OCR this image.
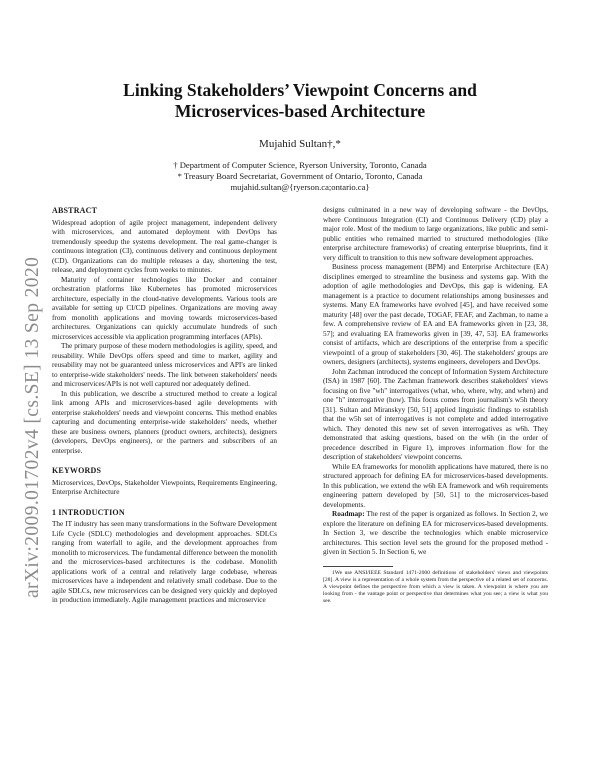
arXiv:2009.01702v4 [cs.SE] 13 Sep 2020
Linking Stakeholders’ Viewpoint Concerns and
Microservices-based Architecture
Mujahid Sultan†,*
† Department of Computer Science, Ryerson University, Toronto, Canada
* Treasury Board Secretariat, Government of Ontario, Toronto, Canada
mujahid.sultan@{ryerson.ca;ontario.ca}
ABSTRACT

Widespread adoption of agile project management, independent delivery with microservices, and automated deployment with DevOps has tremendously speedup the systems development. The real game-changer is continuous integration (CI), continuous delivery and continuous deployment (CD). Organizations can do multiple releases a day, shortening the test, release, and deployment cycles from weeks to minutes.

Maturity of container technologies like Docker and container orchestration platforms like Kubernetes has promoted microservices architecture, especially in the cloud-native developments. Various tools are available for setting up CI/CD pipelines. Organizations are moving away from monolith applications and moving towards microservices-based architectures. Organizations can quickly accumulate hundreds of such microservices accessible via application programming interfaces (APIs).

The primary purpose of these modern methodologies is agility, speed, and reusability. While DevOps offers speed and time to market, agility and reusability may not be guaranteed unless microservices and API's are linked to enterprise-wide stakeholders' needs. The link between stakeholders' needs and microservices/APIs is not well captured nor adequately defined.

In this publication, we describe a structured method to create a logical link among APIs and microservices-based agile developments with enterprise stakeholders' needs and viewpoint concerns. This method enables capturing and documenting enterprise-wide stakeholders' needs, whether these are business owners, planners (product owners, architects), designers (developers, DevOps engineers), or the partners and subscribers of an enterprise.

KEYWORDS

Microservices, DevOps, Stakeholder Viewpoints, Requirements Engineering, Enterprise Architecture

1 INTRODUCTION

The IT industry has seen many transformations in the Software Development Life Cycle (SDLC) methodologies and development approaches. SDLCs ranging from waterfall to agile, and the development approaches from monolith to microservices. The fundamental difference between the monolith and the microservices-based architectures is the codebase. Monolith applications work of a central and relatively large codebase, whereas microservices have a independent and relatively small codebase. Due to the agile SDLCs, new microservices can be designed very quickly and deployed in production immediately. Agile management practices and microservice

designs culminated in a new way of developing software - the DevOps, where Continuous Integration (CI) and Continuous Delivery (CD) play a major role. Most of the medium to large organizations, like public and semi-public entities who remained married to structured methodologies (like enterprise architecture frameworks) of creating enterprise blueprints, find it very difficult to transition to this new software development approaches.

Business process management (BPM) and Enterprise Architecture (EA) disciplines emerged to streamline the business and systems gap. With the adoption of agile methodologies and DevOps, this gap is widening. EA management is a practice to document relationships among businesses and systems. Many EA frameworks have evolved [45], and have received some maturity [48] over the past decade, TOGAF, FEAF, and Zachman, to name a few. A comprehensive review of EA and EA frameworks given in [23, 38, 57]; and evaluating EA frameworks given in [39, 47, 53]. EA frameworks consist of artifacts, which are descriptions of the enterprise from a specific viewpoint1 of a group of stakeholders [30, 46]. The stakeholders' groups are owners, designers (architects), systems engineers, developers and DevOps.

John Zachman introduced the concept of Information System Architecture (ISA) in 1987 [60]. The Zachman framework describes stakeholders' views focusing on five "wh" interrogatives (what, who, where, why, and when) and one "h" interrogative (how). This focus comes from journalism's w5h theory [31]. Sultan and Miranskyy [50, 51] applied linguistic findings to establish that the w5h set of interrogatives is not complete and added interrogative which. They denoted this new set of seven interrogatives as w6h. They demonstrated that asking questions, based on the w6h (in the order of precedence described in Figure 1), improves information flow for the description of stakeholders' viewpoint concerns.

While EA frameworks for monolith applications have matured, there is no structured approach for defining EA for microservices-based developments. In this publication, we extend the w6h EA framework and w6h requirements engineering pattern developed by [50, 51] to the microservices-based developments.

Roadmap: The rest of the paper is organized as follows. In Section 2, we explore the literature on defining EA for microservices-based developments. In Section 3, we describe the technologies which enable microservice architectures. This section level sets the ground for the proposed method - given in Section 5. In Section 6, we

1We use ANSI/IEEE Standard 1471-2000 definitions of stakeholders' views and viewpoints [28]. A view is a representation of a whole system from the perspective of a related set of concerns. A viewpoint defines the perspective from which a view is taken. A viewpoint is where you are looking from - the vantage point or perspective that determines what you see; a view is what you see.
